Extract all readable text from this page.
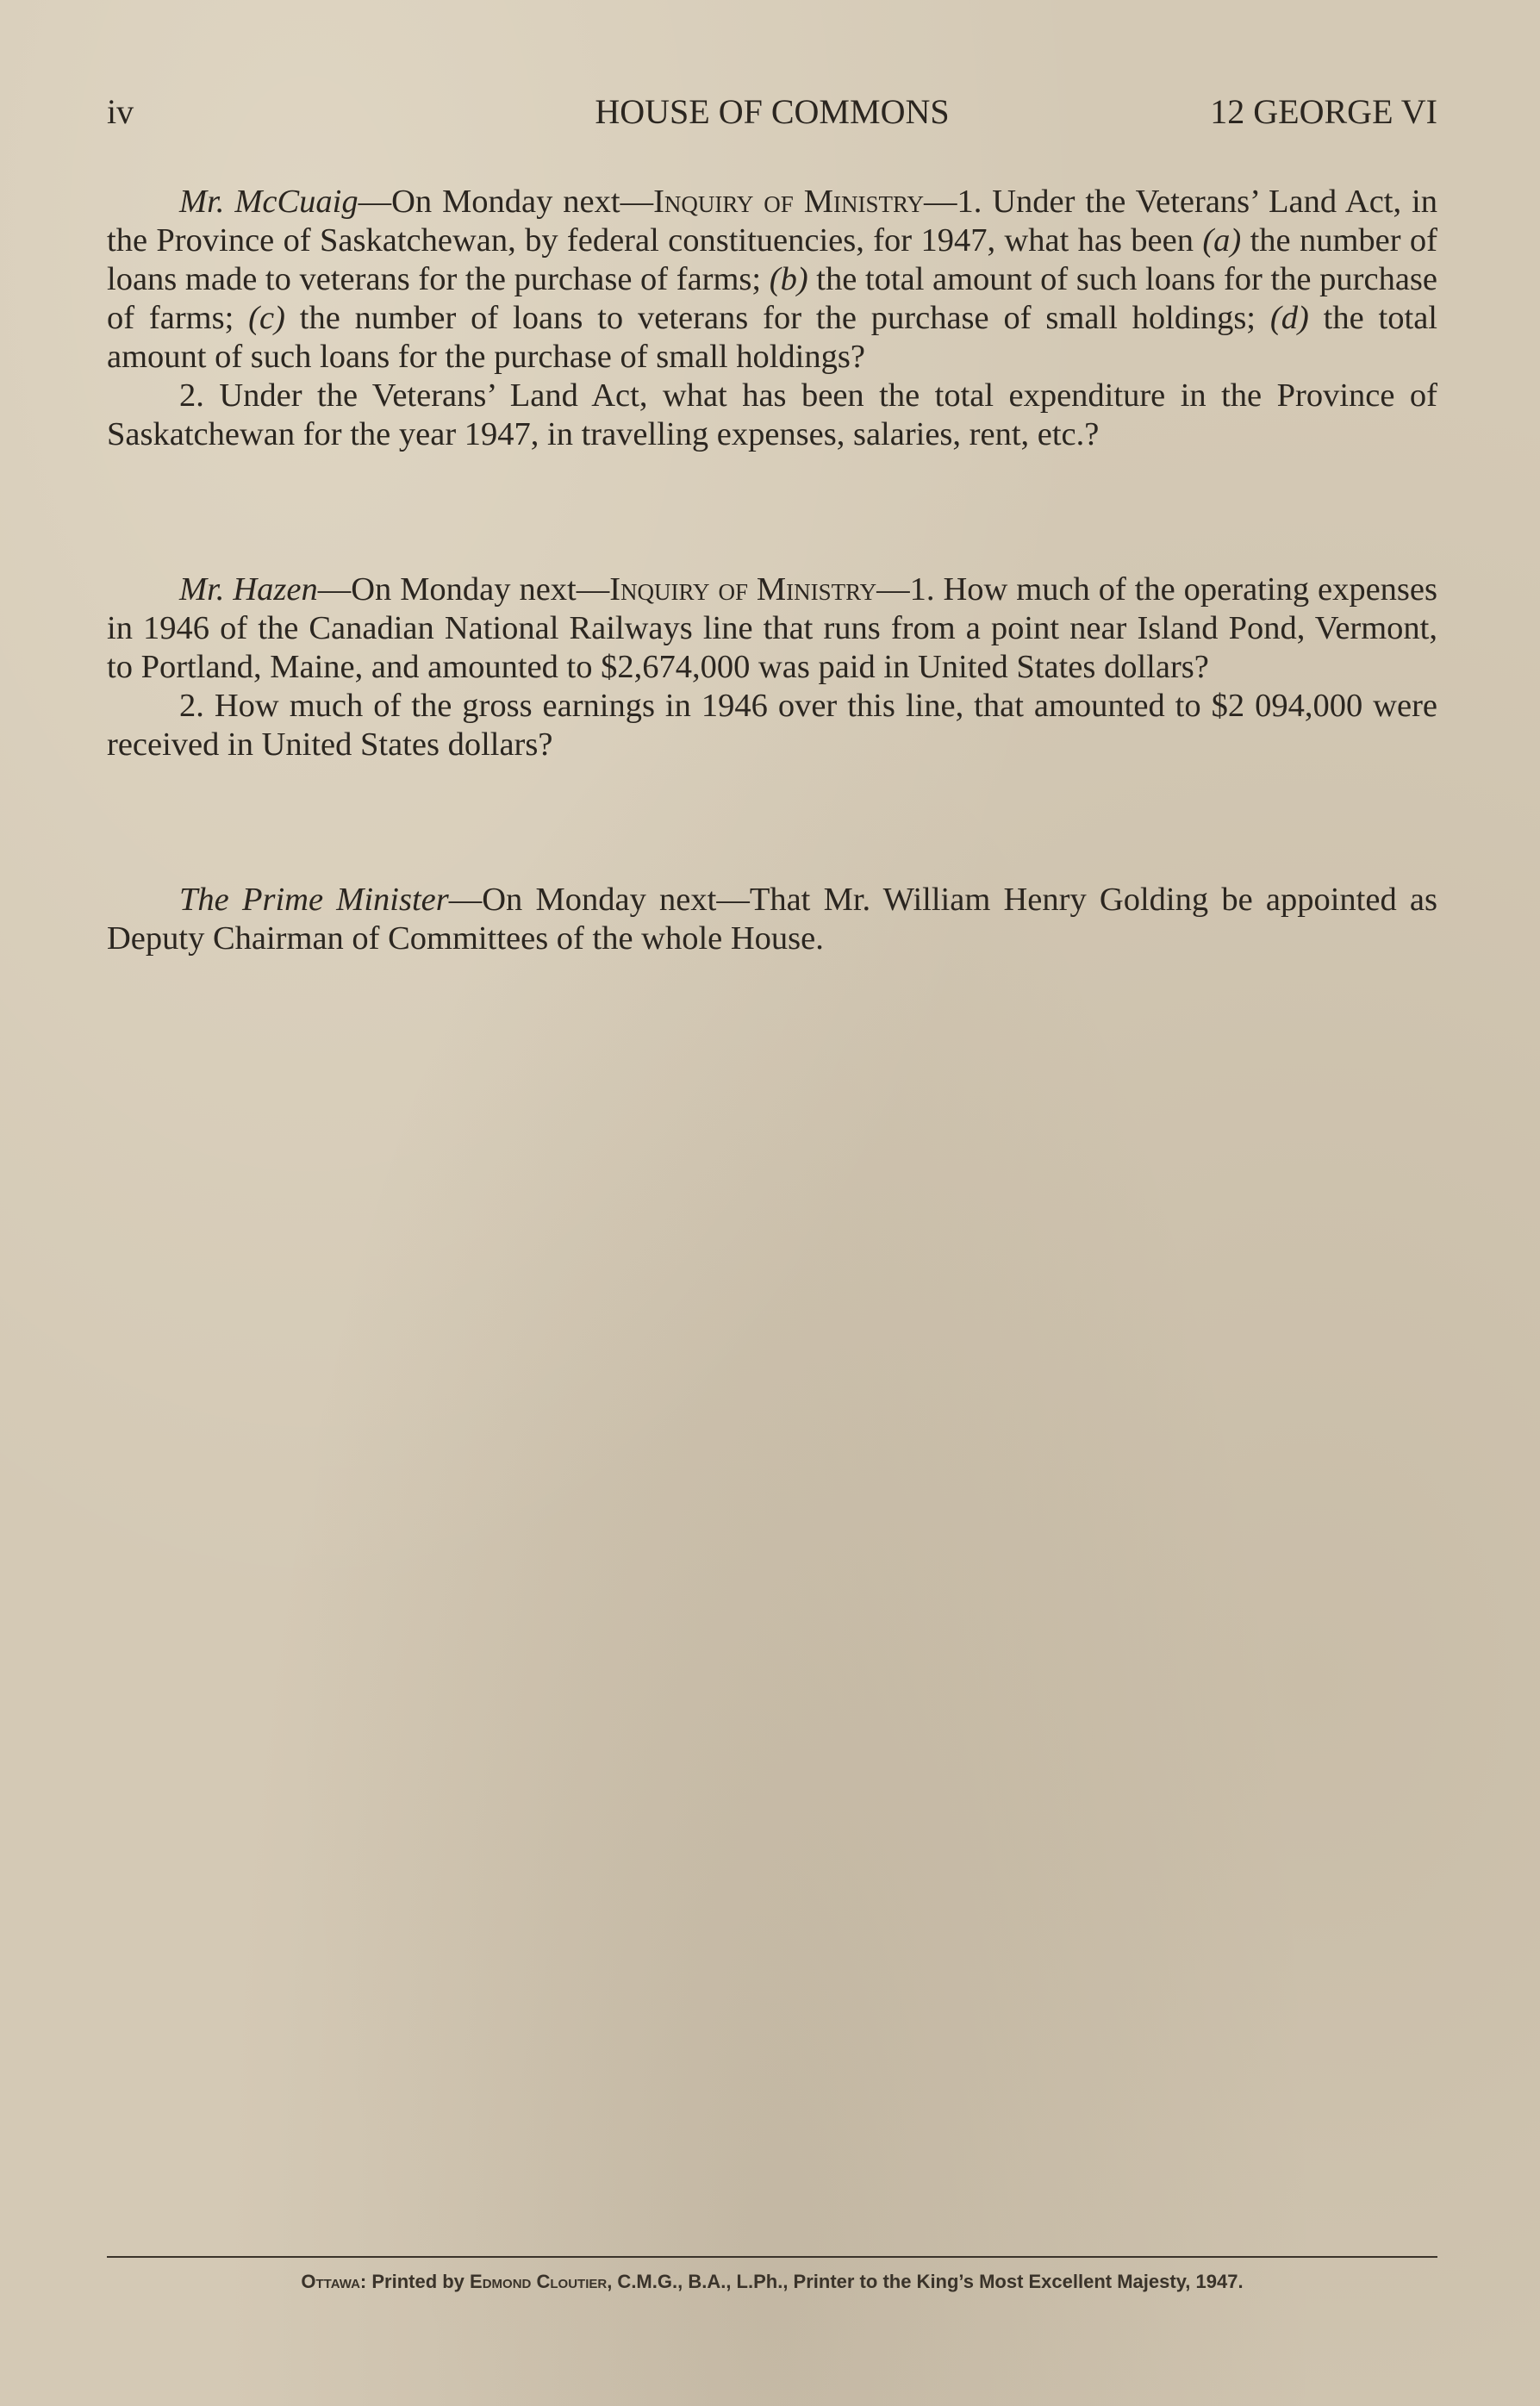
iv	HOUSE OF COMMONS	12 GEORGE VI

Mr. McCuaig—On Monday next—Inquiry of Ministry—1. Under the Veterans’ Land Act, in the Province of Saskatchewan, by federal constituencies, for 1947, what has been (a) the number of loans made to veterans for the purchase of farms; (b) the total amount of such loans for the purchase of farms; (c) the number of loans to veterans for the purchase of small holdings; (d) the total amount of such loans for the purchase of small holdings?

2. Under the Veterans’ Land Act, what has been the total expenditure in the Province of Saskatchewan for the year 1947, in travelling expenses, salaries, rent, etc.?

Mr. Hazen—On Monday next—Inquiry of Ministry—1. How much of the operating expenses in 1946 of the Canadian National Railways line that runs from a point near Island Pond, Vermont, to Portland, Maine, and amounted to $2,674,000 was paid in United States dollars?

2. How much of the gross earnings in 1946 over this line, that amounted to $2 094,000 were received in United States dollars?

The Prime Minister—On Monday next—That Mr. William Henry Golding be appointed as Deputy Chairman of Committees of the whole House.

Ottawa: Printed by Edmond Cloutier, C.M.G., B.A., L.Ph., Printer to the King’s Most Excellent Majesty, 1947.
